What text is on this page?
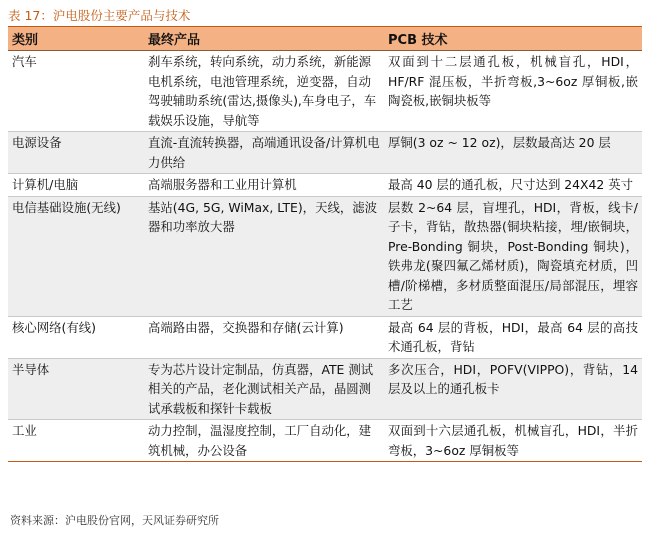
表 17：沪电股份主要产品与技术
类别	最终产品	PCB 技术
汽车	刹车系统，转向系统，动力系统，新能源电机系统，电池管理系统，逆变器，自动驾驶辅助系统(雷达,摄像头),车身电子，车载娱乐设施，导航等	双面到十二层通孔板，机械盲孔，HDI，HF/RF 混压板，半折弯板,3~6oz 厚铜板,嵌陶瓷板,嵌铜块板等
电源设备	直流-直流转换器，高端通讯设备/计算机电力供给	厚铜(3 oz ~ 12 oz)，层数最高达 20 层
计算机/电脑	高端服务器和工业用计算机	最高 40 层的通孔板，尺寸达到 24X42 英寸
电信基础设施(无线)	基站(4G, 5G, WiMax, LTE)，天线，滤波器和功率放大器	层数 2~64 层，盲埋孔，HDI，背板，线卡/子卡，背钻，散热器(铜块粘接，埋/嵌铜块，Pre-Bonding 铜块，Post-Bonding 铜块)，铁弗龙(聚四氟乙烯材质)，陶瓷填充材质，凹槽/阶梯槽，多材质整面混压/局部混压，埋容工艺
核心网络(有线)	高端路由器，交换器和存储(云计算)	最高 64 层的背板，HDI，最高 64 层的高技术通孔板，背钻
半导体	专为芯片设计定制品，仿真器，ATE 测试相关的产品，老化测试相关产品，晶圆测试承载板和探针卡载板	多次压合，HDI，POFV(VIPPO)，背钻，14 层及以上的通孔板卡
工业	动力控制，温湿度控制，工厂自动化，建筑机械，办公设备	双面到十六层通孔板，机械盲孔，HDI，半折弯板，3~6oz 厚铜板等
资料来源：沪电股份官网，天风证券研究所
